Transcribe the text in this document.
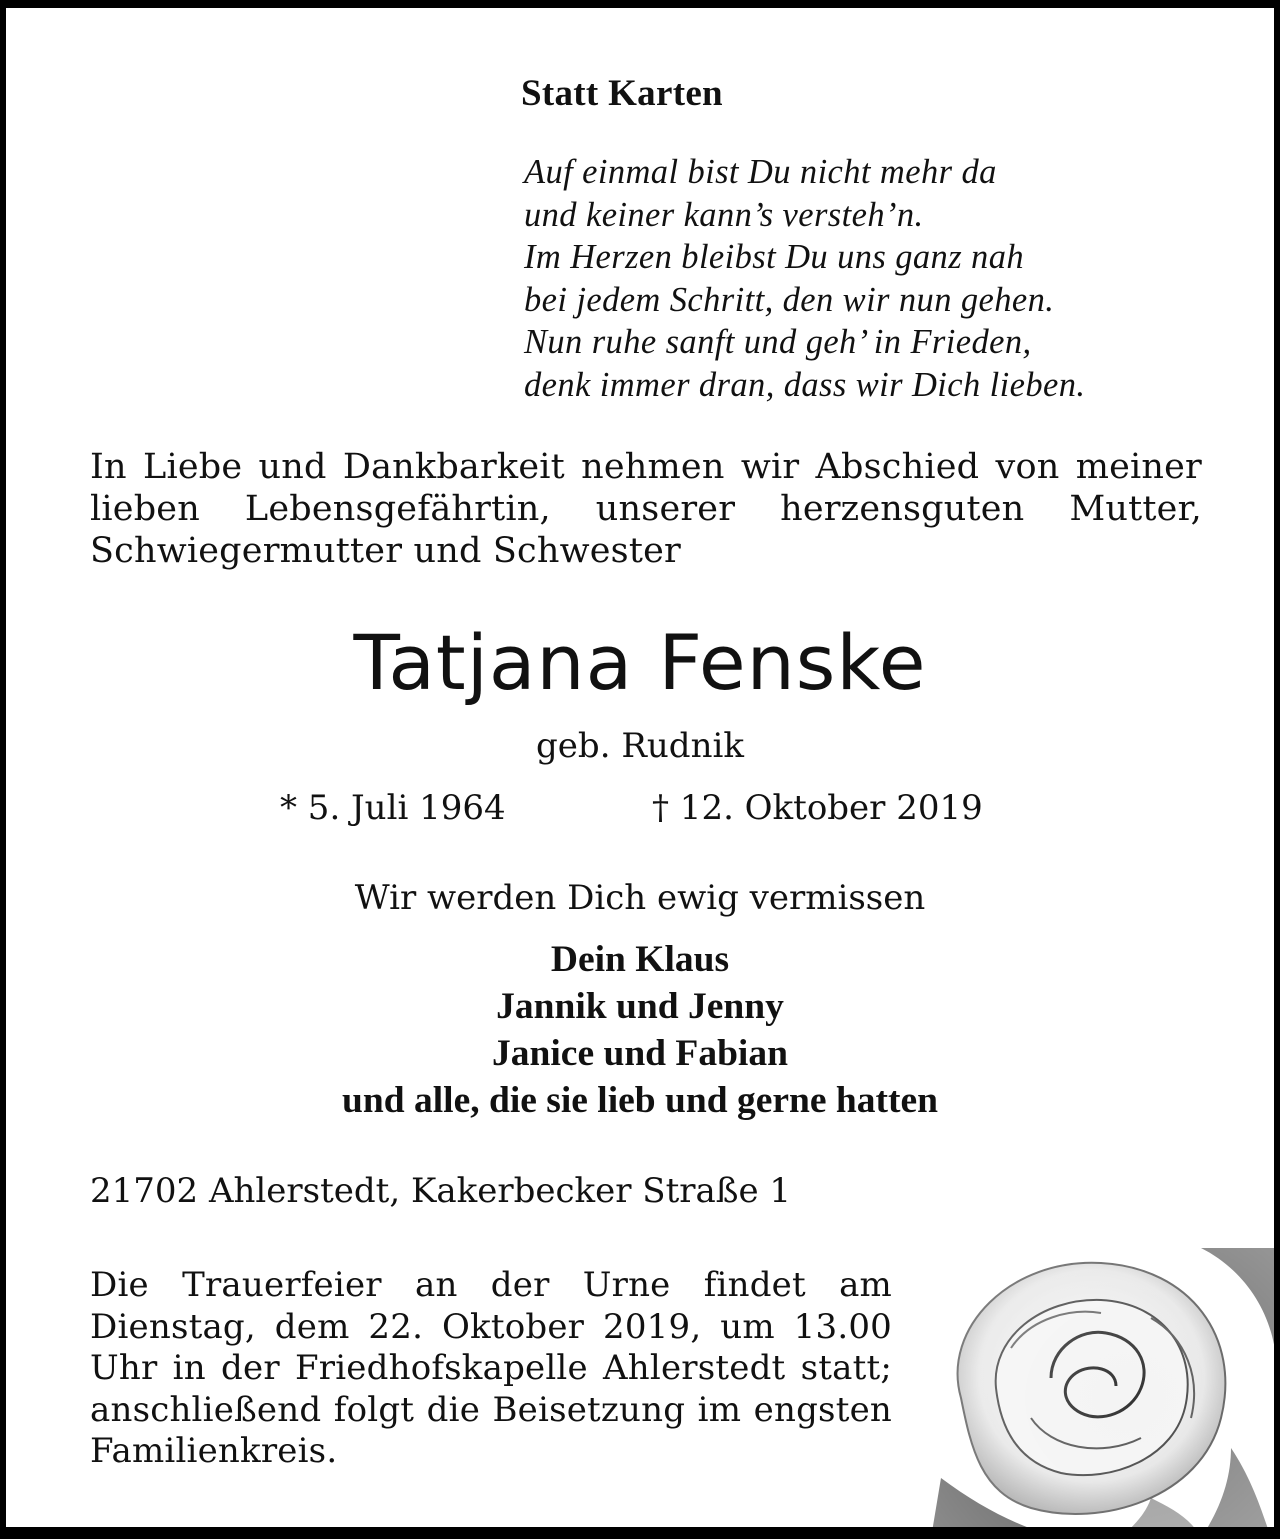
Statt Karten

Auf einmal bist Du nicht mehr da
und keiner kann’s versteh’n.
Im Herzen bleibst Du uns ganz nah
bei jedem Schritt, den wir nun gehen.
Nun ruhe sanft und geh’ in Frieden,
denk immer dran, dass wir Dich lieben.

In Liebe und Dankbarkeit nehmen wir Abschied von meiner lieben Lebensgefährtin, unserer herzensguten Mutter, Schwiegermutter und Schwester

Tatjana Fenske

geb. Rudnik

* 5. Juli 1964	† 12. Oktober 2019

Wir werden Dich ewig vermissen

Dein Klaus
Jannik und Jenny
Janice und Fabian
und alle, die sie lieb und gerne hatten

21702 Ahlerstedt, Kakerbecker Straße 1

Die Trauerfeier an der Urne findet am Dienstag, dem 22. Oktober 2019, um 13.00 Uhr in der Friedhofskapelle Ahlerstedt statt; anschließend folgt die Beisetzung im engsten Familienkreis.
